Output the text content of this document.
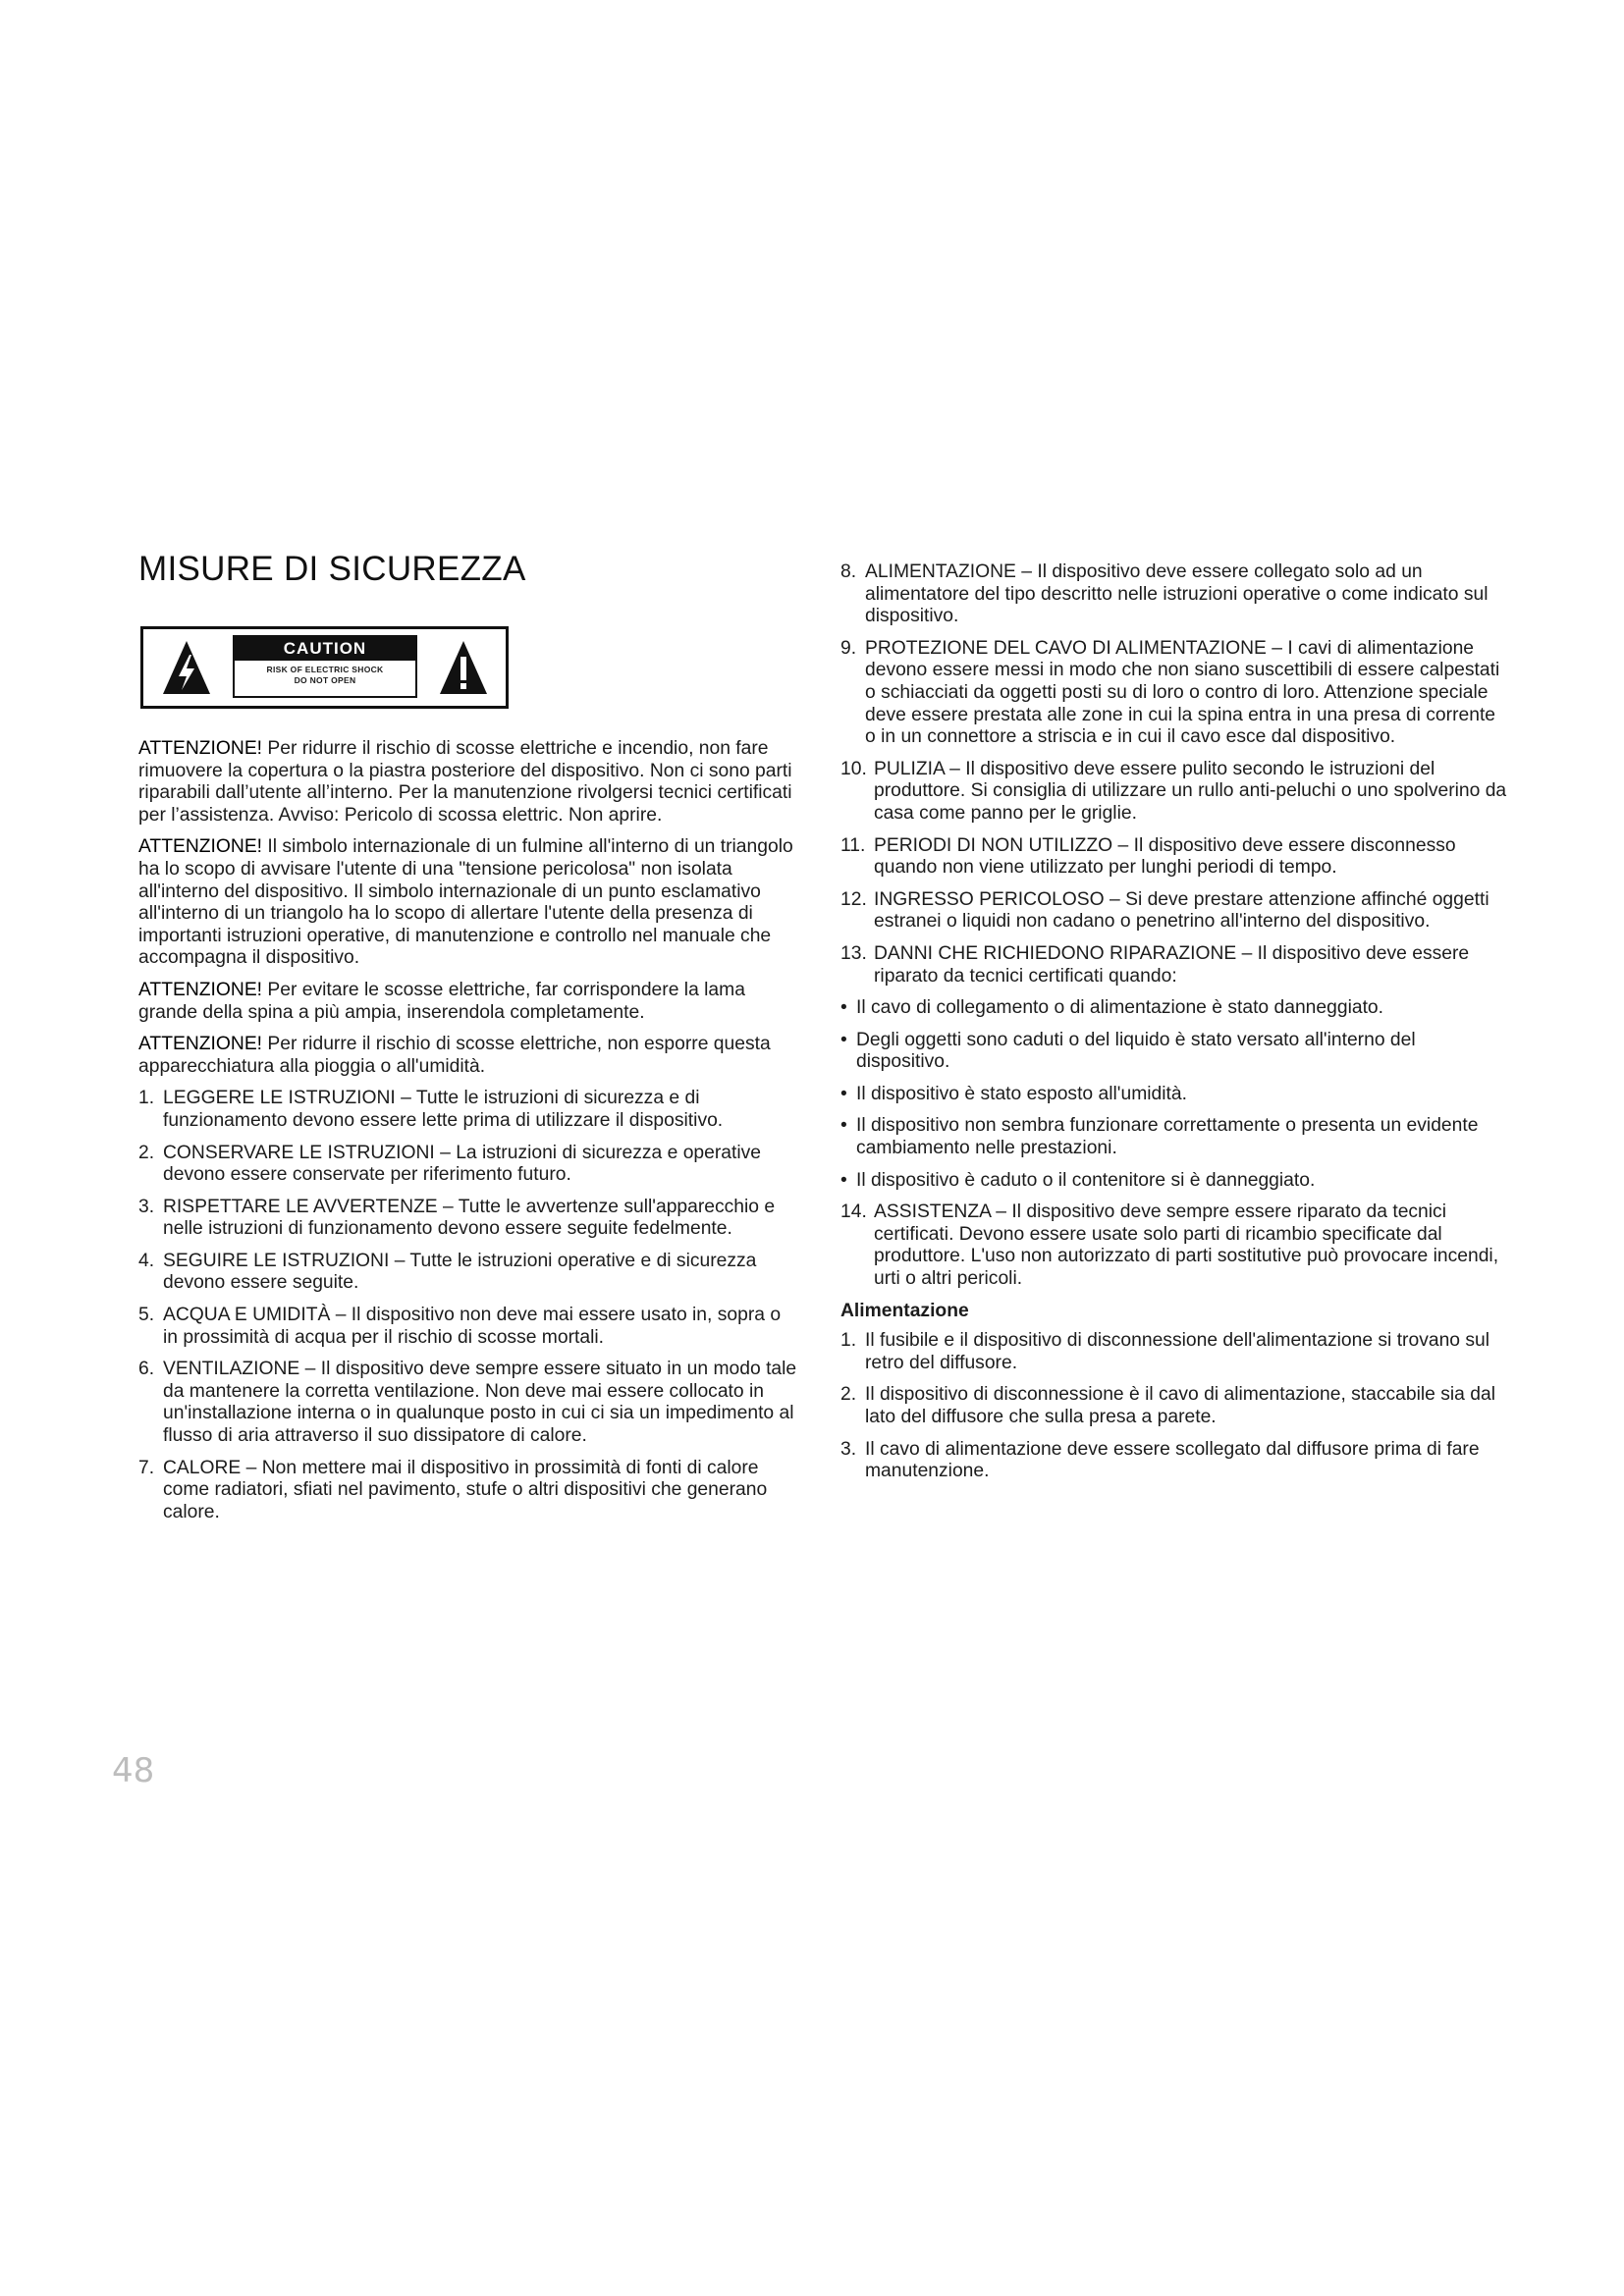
MISURE DI SICUREZZA
CAUTION
RISK OF ELECTRIC SHOCK
DO NOT OPEN

ATTENZIONE! Per ridurre il rischio di scosse elettriche e incendio, non fare rimuovere la copertura o la piastra posteriore del dispositivo. Non ci sono parti riparabili dall’utente all’interno. Per la manutenzione rivolgersi tecnici certificati per l’assistenza. Avviso: Pericolo di scossa elettric. Non aprire.

ATTENZIONE! Il simbolo internazionale di un fulmine all'interno di un triangolo ha lo scopo di avvisare l'utente di una "tensione pericolosa" non isolata all'interno del dispositivo. Il simbolo internazionale di un punto esclamativo all'interno di un triangolo ha lo scopo di allertare l'utente della presenza di importanti istruzioni operative, di manutenzione e controllo nel manuale che accompagna il dispositivo.

ATTENZIONE! Per evitare le scosse elettriche, far corrispondere la lama grande della spina a più ampia, inserendola completamente.

ATTENZIONE! Per ridurre il rischio di scosse elettriche, non esporre questa apparecchiatura alla pioggia o all'umidità.

1. LEGGERE LE ISTRUZIONI – Tutte le istruzioni di sicurezza e di funzionamento devono essere lette prima di utilizzare il dispositivo.
2. CONSERVARE LE ISTRUZIONI – La istruzioni di sicurezza e operative devono essere conservate per riferimento futuro.
3. RISPETTARE LE AVVERTENZE – Tutte le avvertenze sull'apparecchio e nelle istruzioni di funzionamento devono essere seguite fedelmente.
4. SEGUIRE LE ISTRUZIONI – Tutte le istruzioni operative e di sicurezza devono essere seguite.
5. ACQUA E UMIDITÀ – Il dispositivo non deve mai essere usato in, sopra o in prossimità di acqua per il rischio di scosse mortali.
6. VENTILAZIONE – Il dispositivo deve sempre essere situato in un modo tale da mantenere la corretta ventilazione. Non deve mai essere collocato in un'installazione interna o in qualunque posto in cui ci sia un impedimento al flusso di aria attraverso il suo dissipatore di calore.
7. CALORE – Non mettere mai il dispositivo in prossimità di fonti di calore come radiatori, sfiati nel pavimento, stufe o altri dispositivi che generano calore.
8. ALIMENTAZIONE – Il dispositivo deve essere collegato solo ad un alimentatore del tipo descritto nelle istruzioni operative o come indicato sul dispositivo.
9. PROTEZIONE DEL CAVO DI ALIMENTAZIONE – I cavi di alimentazione devono essere messi in modo che non siano suscettibili di essere calpestati o schiacciati da oggetti posti su di loro o contro di loro. Attenzione speciale deve essere prestata alle zone in cui la spina entra in una presa di corrente o in un connettore a striscia e in cui il cavo esce dal dispositivo.
10. PULIZIA – Il dispositivo deve essere pulito secondo le istruzioni del produttore. Si consiglia di utilizzare un rullo anti-peluchi o uno spolverino da casa come panno per le griglie.
11. PERIODI DI NON UTILIZZO – Il dispositivo deve essere disconnesso quando non viene utilizzato per lunghi periodi di tempo.
12. INGRESSO PERICOLOSO – Si deve prestare attenzione affinché oggetti estranei o liquidi non cadano o penetrino all'interno del dispositivo.
13. DANNI CHE RICHIEDONO RIPARAZIONE – Il dispositivo deve essere riparato da tecnici certificati quando:
• Il cavo di collegamento o di alimentazione è stato danneggiato.
• Degli oggetti sono caduti o del liquido è stato versato all'interno del dispositivo.
• Il dispositivo è stato esposto all'umidità.
• Il dispositivo non sembra funzionare correttamente o presenta un evidente cambiamento nelle prestazioni.
• Il dispositivo è caduto o il contenitore si è danneggiato.
14. ASSISTENZA – Il dispositivo deve sempre essere riparato da tecnici certificati. Devono essere usate solo parti di ricambio specificate dal produttore. L'uso non autorizzato di parti sostitutive può provocare incendi, urti o altri pericoli.
Alimentazione
1. Il fusibile e il dispositivo di disconnessione dell'alimentazione si trovano sul retro del diffusore.
2. Il dispositivo di disconnessione è il cavo di alimentazione, staccabile sia dal lato del diffusore che sulla presa a parete.
3. Il cavo di alimentazione deve essere scollegato dal diffusore prima di fare manutenzione.
48
